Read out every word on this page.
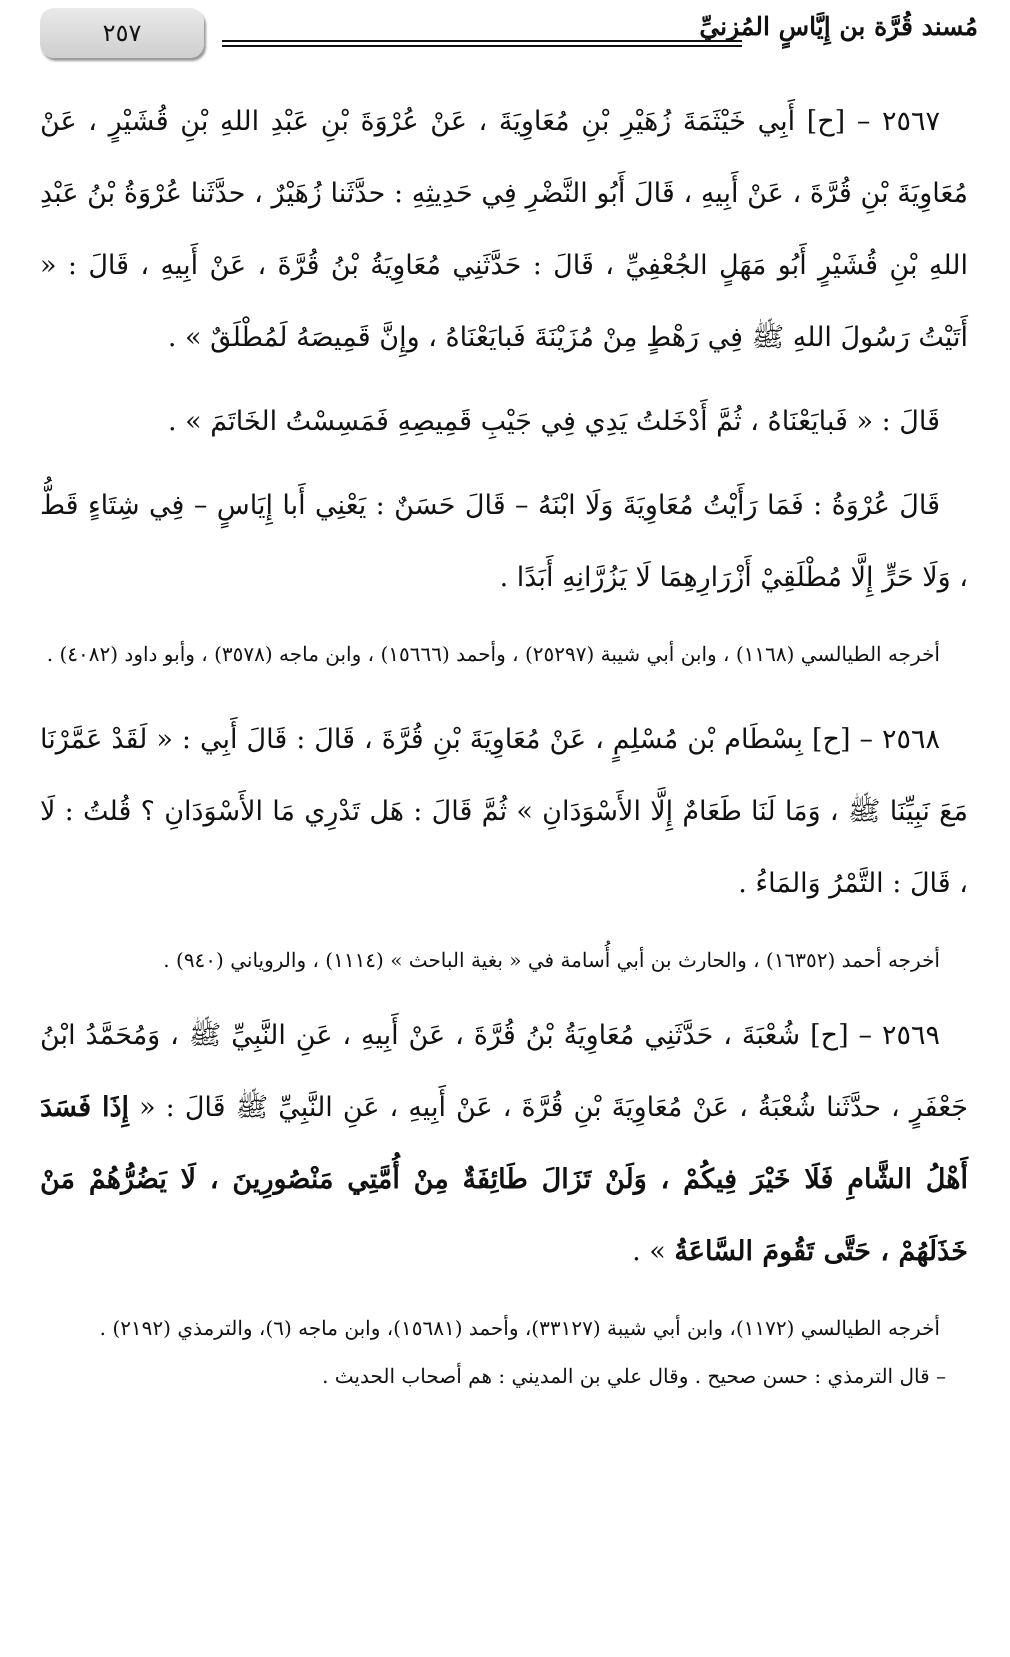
٢٥٧	مُسند قُرَّة بن إِيَّاسٍ المُزنيِّ

٢٥٦٧ – [ح] أَبِي خَيْثَمَةَ زُهَيْرِ بْنِ مُعَاوِيَةَ ، عَنْ عُرْوَةَ بْنِ عَبْدِ اللهِ بْنِ قُشَيْرٍ ، عَنْ مُعَاوِيَةَ بْنِ قُرَّةَ ، عَنْ أَبِيهِ ، قَالَ أَبُو النَّضْرِ فِي حَدِيثِهِ : حدَّثَنا زُهَيْرٌ ، حدَّثَنا عُرْوَةُ بْنُ عَبْدِ اللهِ بْنِ قُشَيْرٍ أَبُو مَهَلٍ الجُعْفِيِّ ، قَالَ : حَدَّثَنِي مُعَاوِيَةُ بْنُ قُرَّةَ ، عَنْ أَبِيهِ ، قَالَ : « أَتَيْتُ رَسُولَ اللهِ ﷺ فِي رَهْطٍ مِنْ مُزَيْنَةَ فَبايَعْنَاهُ ، وإِنَّ قَمِيصَهُ لَمُطْلَقٌ » .

قَالَ : « فَبايَعْنَاهُ ، ثُمَّ أَدْخَلتُ يَدِي فِي جَيْبِ قَمِيصِهِ فَمَسِسْتُ الخَاتَمَ » .

قَالَ عُرْوَةُ : فَمَا رَأَيْتُ مُعَاوِيَةَ وَلَا ابْنَهُ – قَالَ حَسَنٌ : يَعْنِي أَبا إِيَاسٍ – فِي شِتَاءٍ قَطُّ ، وَلَا حَرٍّ إِلَّا مُطْلَقِيْ أَزْرَارِهِمَا لَا يَزُرَّانِهِ أَبَدًا .

أخرجه الطيالسي (١١٦٨) ، وابن أبي شيبة (٢٥٢٩٧) ، وأحمد (١٥٦٦٦) ، وابن ماجه (٣٥٧٨) ، وأبو داود (٤٠٨٢) .

٢٥٦٨ – [ح] بِسْطَام بْن مُسْلِمٍ ، عَنْ مُعَاوِيَةَ بْنِ قُرَّةَ ، قَالَ : قَالَ أَبِي : « لَقَدْ عَمَّرْنَا مَعَ نَبِيِّنَا ﷺ ، وَمَا لَنَا طَعَامٌ إِلَّا الأَسْوَدَانِ » ثُمَّ قَالَ : هَل تَدْرِي مَا الأَسْوَدَانِ ؟ قُلتُ : لَا ، قَالَ : التَّمْرُ وَالمَاءُ .

أخرجه أحمد (١٦٣٥٢) ، والحارث بن أبي أُسامة في « بغية الباحث » (١١١٤) ، والروياني (٩٤٠) .

٢٥٦٩ – [ح] شُعْبَةَ ، حَدَّثَنِي مُعَاوِيَةُ بْنُ قُرَّةَ ، عَنْ أَبِيهِ ، عَنِ النَّبِيِّ ﷺ ، وَمُحَمَّدُ ابْنُ جَعْفَرٍ ، حدَّثَنا شُعْبَةُ ، عَنْ مُعَاوِيَةَ بْنِ قُرَّةَ ، عَنْ أَبِيهِ ، عَنِ النَّبِيِّ ﷺ قَالَ : « إِذَا فَسَدَ أَهْلُ الشَّامِ فَلَا خَيْرَ فِيكُمْ ، وَلَنْ تَزَالَ طَائِفَةٌ مِنْ أُمَّتِي مَنْصُورِينَ ، لَا يَضُرُّهُمْ مَنْ خَذَلَهُمْ ، حَتَّى تَقُومَ السَّاعَةُ » .

أخرجه الطيالسي (١١٧٢)، وابن أبي شيبة (٣٣١٢٧)، وأحمد (١٥٦٨١)، وابن ماجه (٦)، والترمذي (٢١٩٢) .

– قال الترمذي : حسن صحيح . وقال علي بن المديني : هم أصحاب الحديث .
